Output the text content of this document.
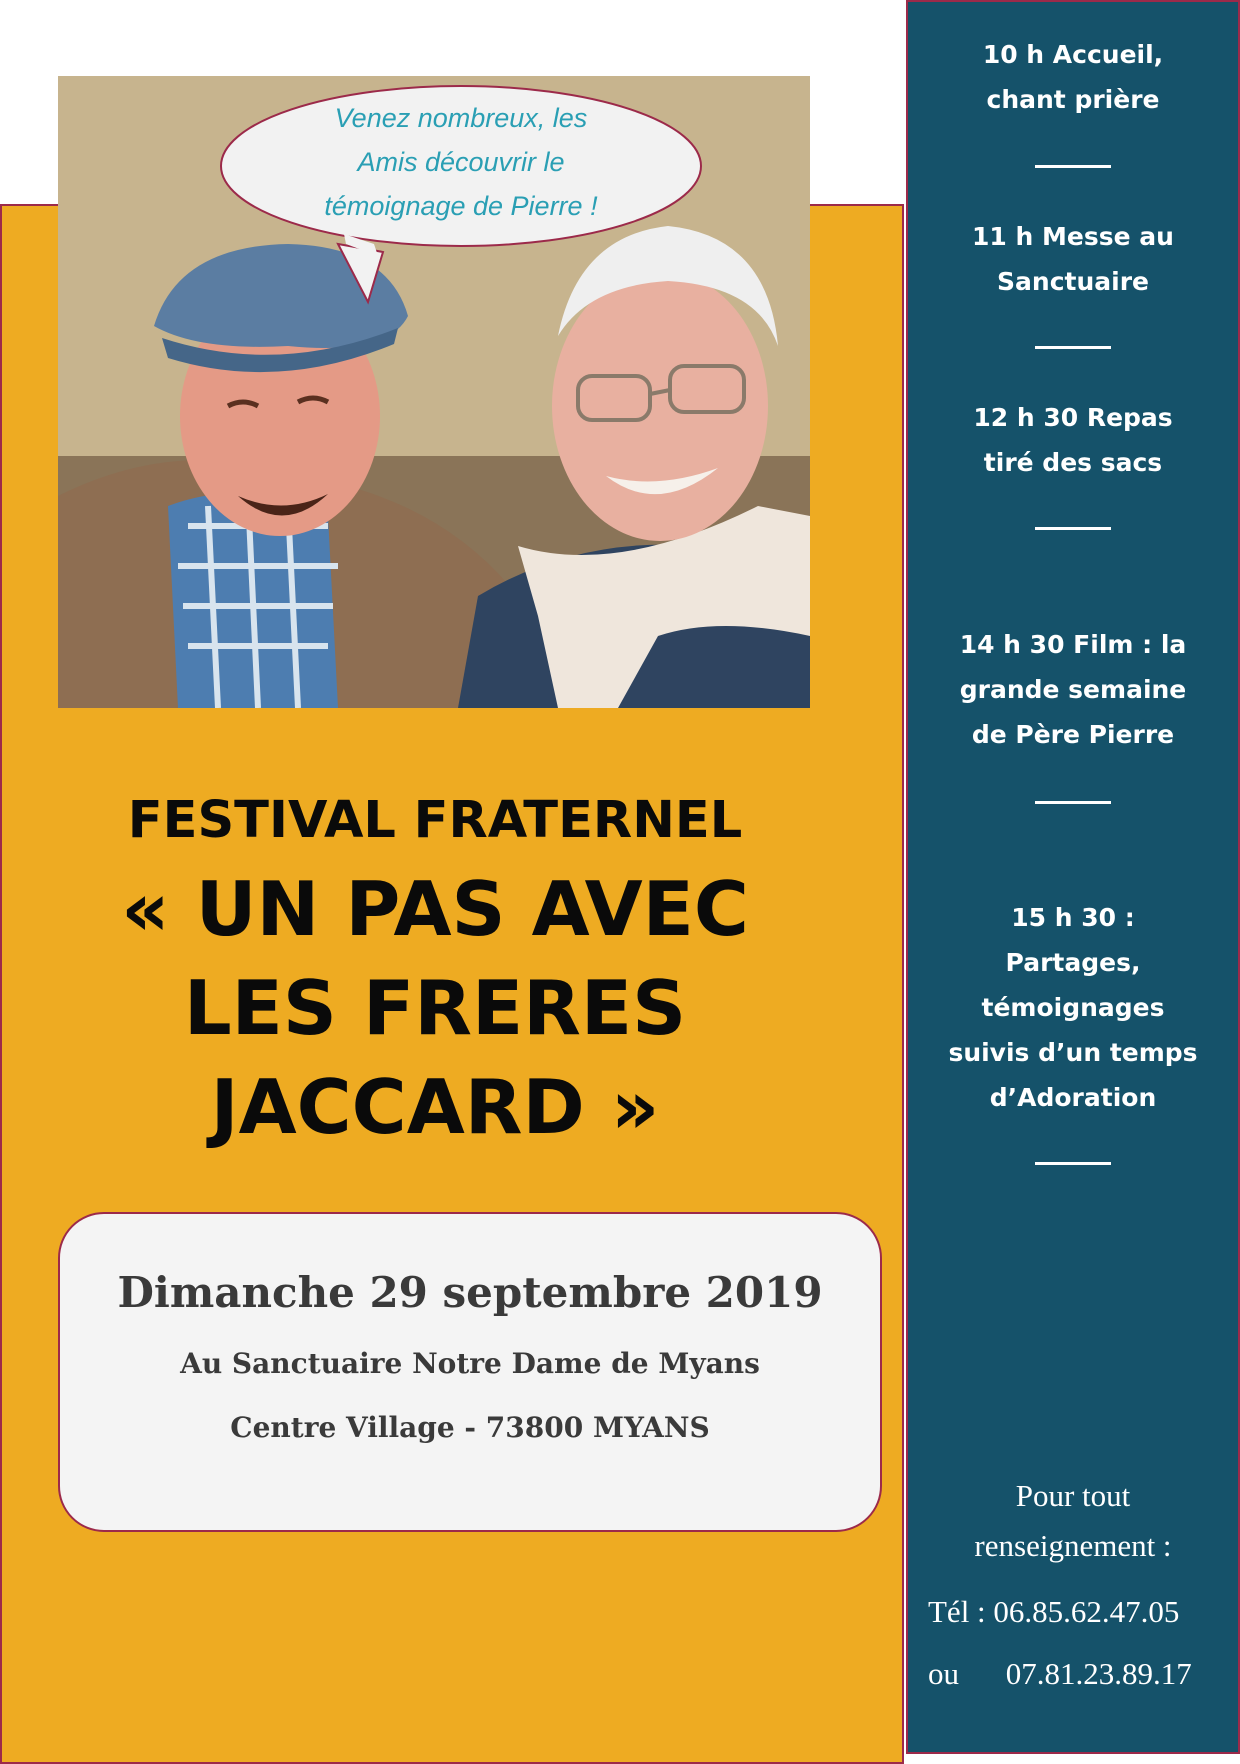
Venez nombreux, les
Amis découvrir le
témoignage de Pierre !
FESTIVAL FRATERNEL
« UN PAS AVEC
LES FRERES
JACCARD »
Dimanche 29 septembre 2019
Au Sanctuaire Notre Dame de Myans
Centre Village - 73800 MYANS
10 h Accueil,
chant prière
11 h Messe au
Sanctuaire
12 h 30 Repas
tiré des sacs
14 h 30 Film : la
grande semaine
de Père Pierre
15 h 30 :
Partages,
témoignages
suivis d’un temps
d’Adoration
Pour tout
renseignement :
Tél : 06.85.62.47.05
ou 07.81.23.89.17
